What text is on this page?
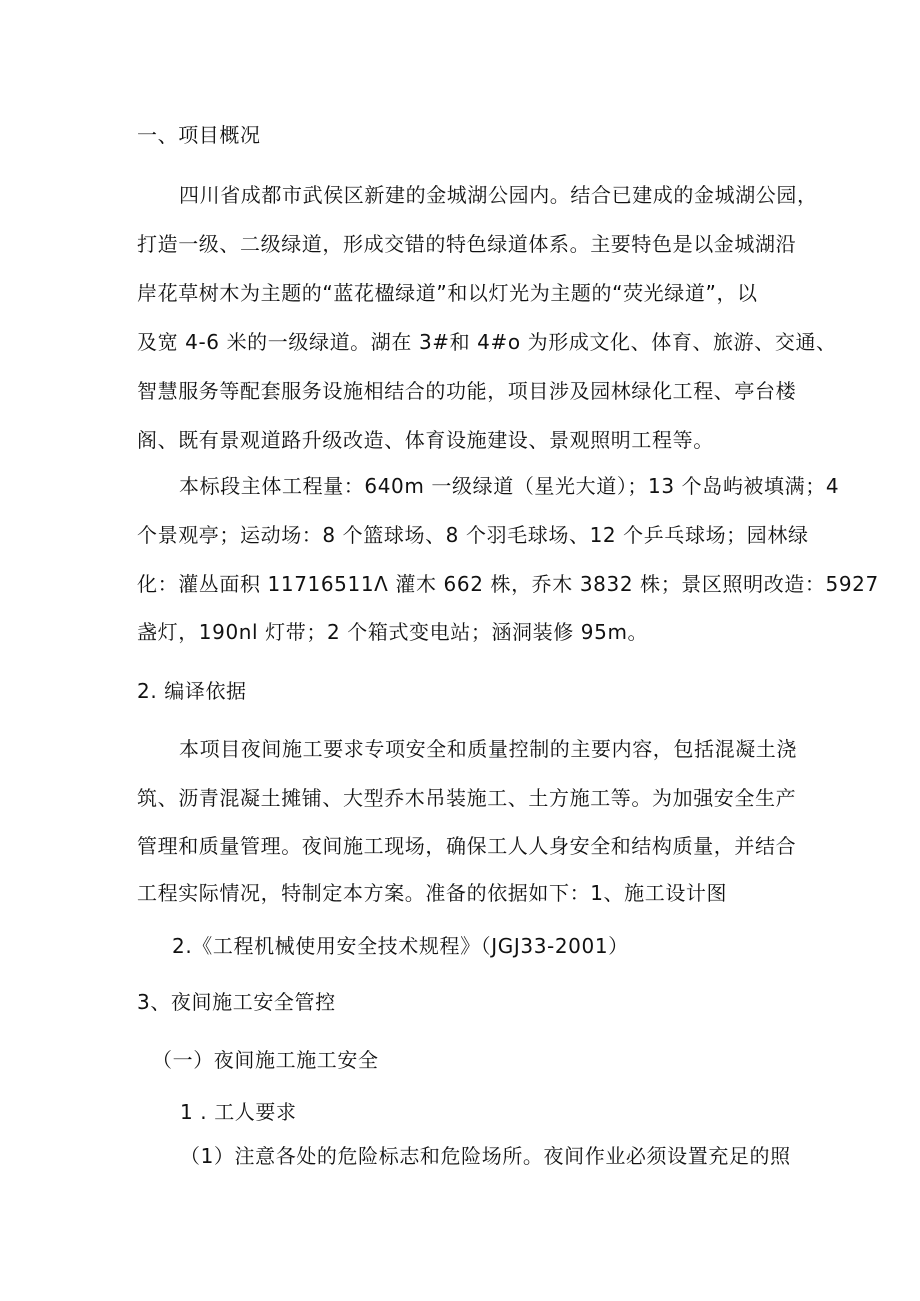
一、项目概况
四川省成都市武侯区新建的金城湖公园内。结合已建成的金城湖公园，
打造一级、二级绿道，形成交错的特色绿道体系。主要特色是以金城湖沿
岸花草树木为主题的“蓝花楹绿道”和以灯光为主题的“荧光绿道”，以
及宽 4-6 米的一级绿道。湖在 3#和 4#o 为形成文化、体育、旅游、交通、
智慧服务等配套服务设施相结合的功能，项目涉及园林绿化工程、亭台楼
阁、既有景观道路升级改造、体育设施建设、景观照明工程等。
本标段主体工程量：640m 一级绿道（星光大道）；13 个岛屿被填满；4
个景观亭；运动场：8 个篮球场、8 个羽毛球场、12 个乒乓球场；园林绿
化：灌丛面积 11716511Λ 灌木 662 株，乔木 3832 株；景区照明改造：5927
盏灯，190nl 灯带；2 个箱式变电站；涵洞装修 95m。
2. 编译依据
本项目夜间施工要求专项安全和质量控制的主要内容，包括混凝土浇
筑、沥青混凝土摊铺、大型乔木吊装施工、土方施工等。为加强安全生产
管理和质量管理。夜间施工现场，确保工人人身安全和结构质量，并结合
工程实际情况，特制定本方案。准备的依据如下：1、施工设计图
2.《工程机械使用安全技术规程》（JGJ33-2001）
3、夜间施工安全管控
（一）夜间施工施工安全
1 . 工人要求
（1）注意各处的危险标志和危险场所。夜间作业必须设置充足的照
